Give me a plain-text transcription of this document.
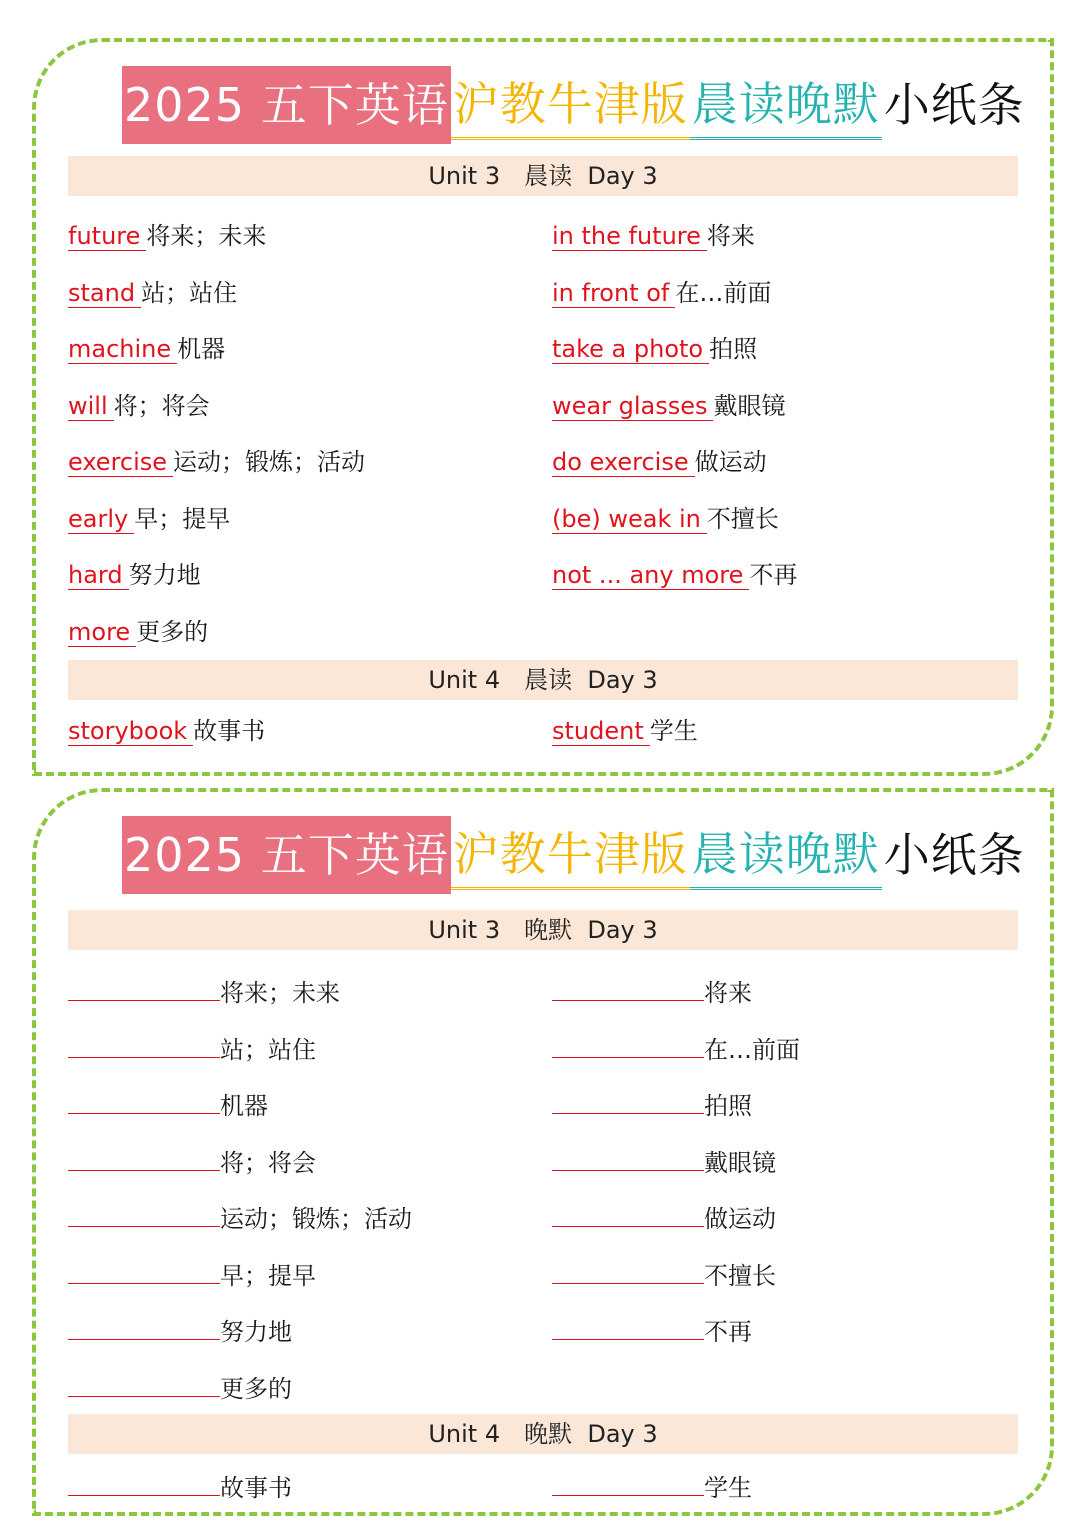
2025 五下英语 沪教牛津版 晨读晚默 小纸条
Unit 3　晨读  Day 3
future 将来；未来
stand 站；站住
machine 机器
will 将；将会
exercise 运动；锻炼；活动
early 早；提早
hard 努力地
more 更多的
in the future 将来
in front of 在…前面
take a photo 拍照
wear glasses 戴眼镜
do exercise 做运动
(be) weak in 不擅长
not ... any more 不再
Unit 4　晨读  Day 3
storybook 故事书	student 学生
2025 五下英语 沪教牛津版 晨读晚默 小纸条
Unit 3　晚默  Day 3
将来；未来
站；站住
机器
将；将会
运动；锻炼；活动
早；提早
努力地
更多的
将来
在…前面
拍照
戴眼镜
做运动
不擅长
不再
Unit 4　晚默  Day 3
故事书	学生
